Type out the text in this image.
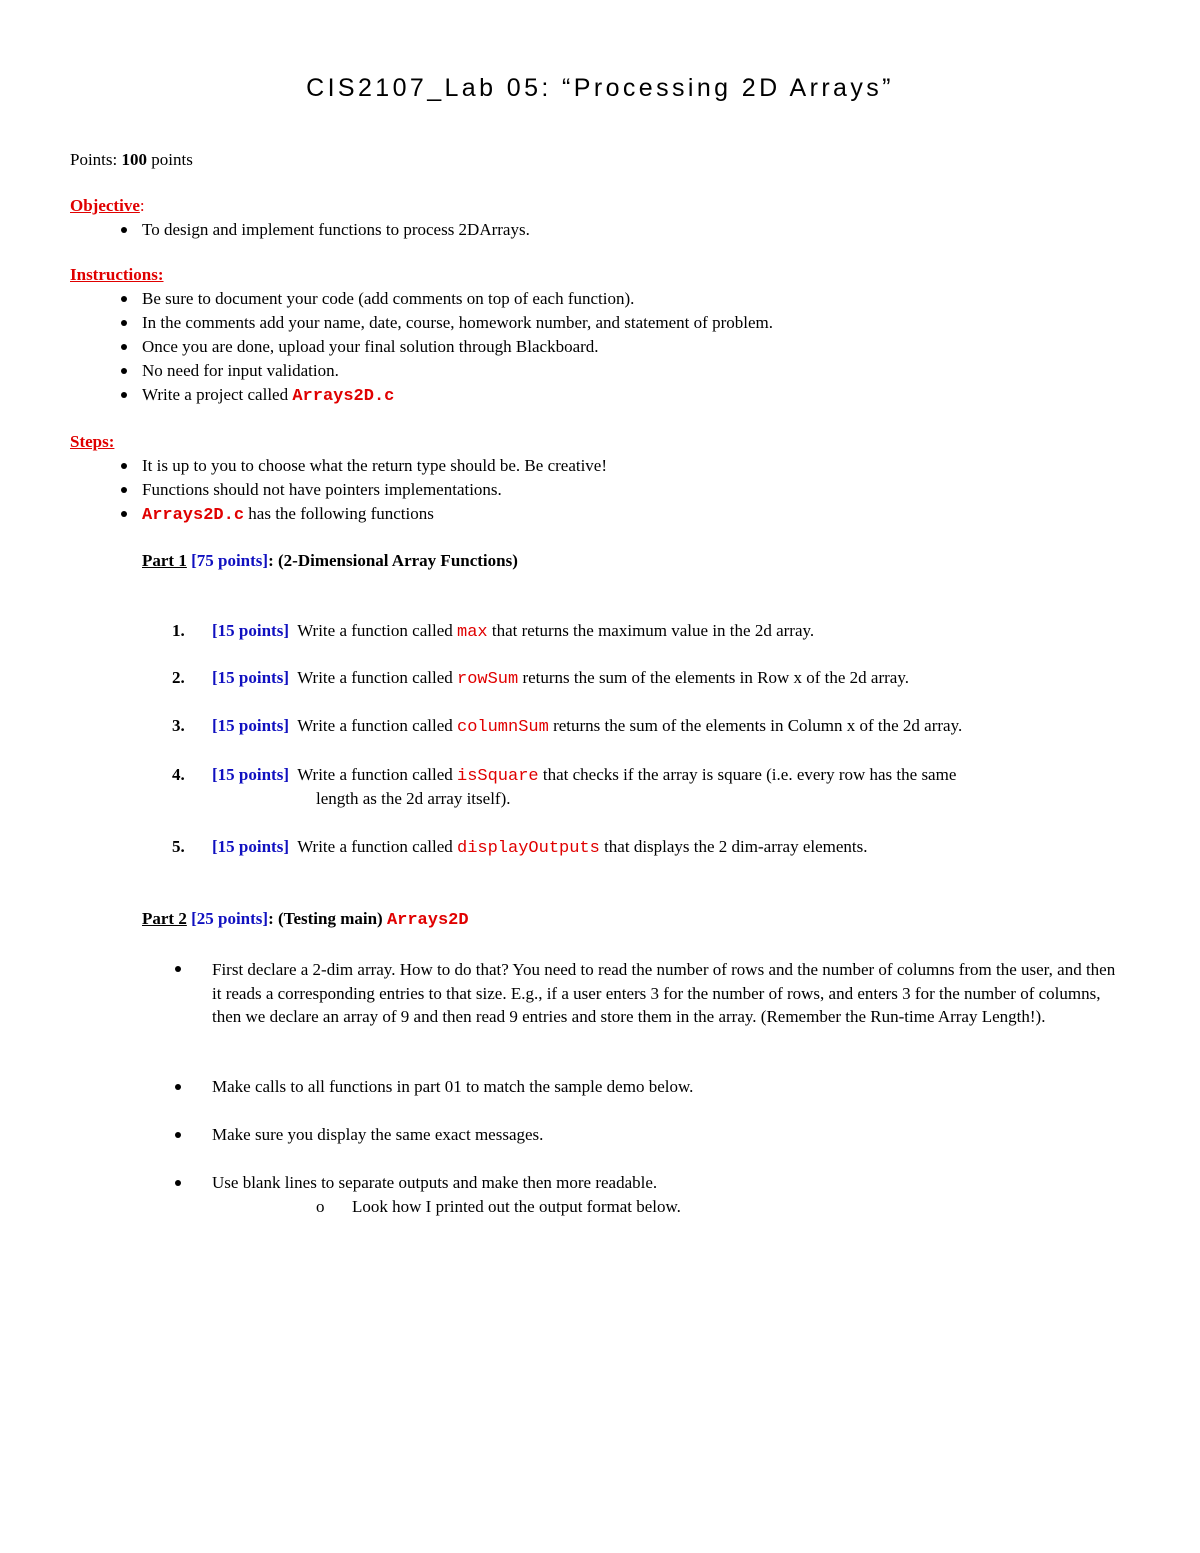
CIS2107_Lab 05: “Processing 2D Arrays”
Points: 100 points
Objective:
To design and implement functions to process 2DArrays.
Instructions:
Be sure to document your code (add comments on top of each function).
In the comments add your name, date, course, homework number, and statement of problem.
Once you are done, upload your final solution through Blackboard.
No need for input validation.
Write a project called Arrays2D.c
Steps:
It is up to you to choose what the return type should be. Be creative!
Functions should not have pointers implementations.
Arrays2D.c has the following functions
Part 1 [75 points]: (2-Dimensional Array Functions)
1. [15 points] Write a function called max that returns the maximum value in the 2d array.
2. [15 points] Write a function called rowSum returns the sum of the elements in Row x of the 2d array.
3. [15 points] Write a function called columnSum returns the sum of the elements in Column x of the 2d array.
4. [15 points] Write a function called isSquare that checks if the array is square (i.e. every row has the same
length as the 2d array itself).
5. [15 points] Write a function called displayOutputs that displays the 2 dim-array elements.
Part 2 [25 points]: (Testing main) Arrays2D
First declare a 2-dim array. How to do that? You need to read the number of rows and the number of columns from the user, and then it reads a corresponding entries to that size. E.g., if a user enters 3 for the number of rows, and enters 3 for the number of columns, then we declare an array of 9 and then read 9 entries and store them in the array. (Remember the Run-time Array Length!).
Make calls to all functions in part 01 to match the sample demo below.
Make sure you display the same exact messages.
Use blank lines to separate outputs and make then more readable.
o Look how I printed out the output format below.
